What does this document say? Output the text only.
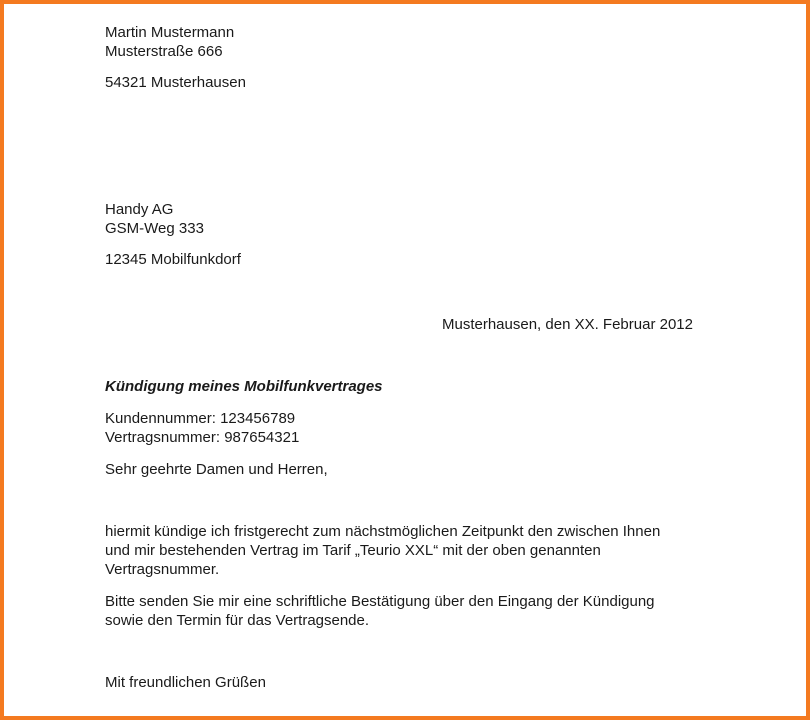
Martin Mustermann
Musterstraße 666
54321 Musterhausen
Handy AG
GSM-Weg 333
12345 Mobilfunkdorf
Musterhausen, den XX. Februar 2012
Kündigung meines Mobilfunkvertrages
Kundennummer: 123456789
Vertragsnummer: 987654321
Sehr geehrte Damen und Herren,
hiermit kündige ich fristgerecht zum nächstmöglichen Zeitpunkt den zwischen Ihnen
und mir bestehenden Vertrag im Tarif „Teurio XXL“ mit der oben genannten
Vertragsnummer.
Bitte senden Sie mir eine schriftliche Bestätigung über den Eingang der Kündigung
sowie den Termin für das Vertragsende.
Mit freundlichen Grüßen
